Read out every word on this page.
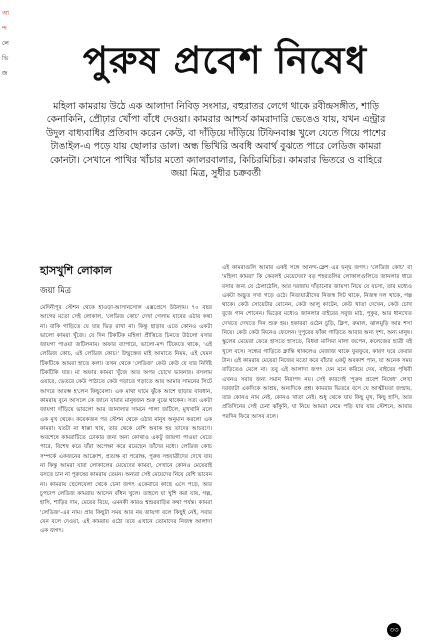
আ
ন্দ
লে
ভি
জ	পুরুষ প্রবেশ নিষেধ
মহিলা কামরায় উঠে এক আলাদা নিবিড় সংসার, বহুরাতর লেগে থাকে রবীন্দ্রসঙ্গীত, শাড়ি কেনাকিনি, প্রৌঢ়ার খোঁপা বাঁধে দেওয়া। কামরার আশ্চর্য কামরাদারি ভেঙেও যায়, যখন এন্ট্রার উদুল বাধ্যবাধির প্রতিবাদ করেন কেউ, বা দাঁড়িয়ে দাঁড়িয়ে টিফিনবাক্স খুলে যেতে গিয়ে পাশের টাঙাইল-এ পড়ে যায় ছোলার ডাল। অন্ধ ভিখিরি অবধি অবার্থ বুঝতে পারে লেডিজ কামরা কোনটা। সেখানে পাখির খাঁচার মতো ক্যালরবালার, কিচিরমিচির। কামরার ভিতরে ও বাহিরে
জয়া মিত্র, সুধীর চক্রবর্তী
হাসখুশি লোকাল
জয়া মিত্র
মেদিনীপুর স্টেশন থেকে হাওড়া-আসানসোল এক্সপ্রেসে উঠলাম। ৭০ বছর আগের মতো সেই লোকাল, 'লেডিজ কোচ' দেখা গেলাম যাবের ওঠার কথা না। বাকি গাড়িতে যে যার ভিড় রাখা না। কিন্তু ছাড়ার এতে কোনও একটা ভালো কামরা খুঁজে। যে দিন টিকটিক মহিলা প্রীত্তিতে চিনতে উঠলো বসার জায়গা পাওয়া জটিলনাম। অফার ব্যাপারে, ভালো-মন্দ টিকেতে থাকে, 'এই লেডিজ কোচ, এই লেডিজ কোচ।' উন্মুক্তের মাই আমাতে নিয়ম, এই যেমন টিকটিকে আমরা হাতে কলা। তখন থেকে 'লেডিজ' কেউ কেউ যে যার নির্দিষ্ট টিকটিকি যার। মা অফার কামরা খুঁজে আর অপর চোখে ভাবনার। বসলাম ওয়ারে, ভেতরে কেউ পাঠাতে কেউ গড়াতে গড়াতে আর আমার সামনের সিটে আদরে আরম্ভ হ'লেন কিছুবেলা। এক মাথা ঘামে ঝুঁকে আশে ছাড়ার বাবধান, কামরায় বুনে আসলে কে জানে যাবার মানুষজন শুরু বুঝে থাকেন। সত্য একটা জায়গা দাঁড়িয়ে ভাবলো আর জানালার সামনে পালা জটিলে, মুখখানি বলে এক মুখ থেকে। কয়েকজন পর স্টেশন থেকে ওঠার মানুষ অনুমান করলো এক কামরা। যতটা না ধাক্কা খায়, তার থেকে বেশি অবাক হয় তাদের আচরণে। অবশেষে কামরাটিতে ঢোকার জন্য অন্য কোথাও একটু জায়গা পাওয়া যেতে পারে, বিশেষ করে যাঁরা অপেক্ষা করে রয়েছেন তাঁদের মধ্যে। লেডিজ কোচ সম্পর্কে একজনের আক্রোশ, প্রত্যক্ষ বা পরোক্ষ, পুরুষ সহযাত্রীদের দেখে যায় না কিন্তু আমরা যারা লোকালের মেয়েদের কামরা, সেখানে কোনও মেয়েরাই বসতে চান না পুরুষের কামরায় তেমন। অন্যরা সেই মেয়েদের নিয়ে বেশি ভাবেন না। কামরায় ছেলেবেলা থেকে চেনা জগৎ একেবারে কাছে এসে পড়ে, আর চুপচাপ লেডিজ কামরায় আসেন বাঁধন খুলে। তাহলে যা খুশি করা যায়, গল্প, হাসি, শাড়ির দাম, মেয়ের বিয়ে, এমনকী কারও শ্বশুরবাড়ির কথা পর্যন্ত। কামরা 'লেডিজ'-এর নাম। প্রায় কিছুটা সময় আর নয় জায়গা বলে কিছুই নেই, সবার যেন বলে দেওয়া, এই কামরায় ওঠো তবে এখানে তোমাদের নিজস্ব আলাদা এক জগৎ।
এই কামরাগুলি আমার একই সঙ্গে আনন্দ-ক্লেশ এর দ্বন্দ্ব জগৎ। 'লেডিজ কোচ' বা 'মহিলা কামরা' কি কেবলই মেয়েদের? বড় শহরতলির লোকালগুলিতে জানলার ধারে বসার জন্য যে ঠেলাঠেলি, আর দরজায় দাঁড়ানোর জায়গা নিয়ে যে বচসা, তার মধ্যেও একটা অদ্ভুত সখ্য গড়ে ওঠে। নিত্যযাত্রীদের নিজস্ব সিট থাকে, নিজস্ব দল থাকে, গল্প থাকে। কেউ সোয়েটার বোনেন, কেউ আলু কাটেন, কেউ খাতা দেখেন, কেউ চোখ বুজে গান শোনেন। ভিড়ের মধ্যেও জানলার বাইরের সবুজ মাঠ, পুকুর, আর ধানখেত দেখতে দেখতে দিন শুরু হয়। হকাররা ওঠেন চুড়ি, ক্লিপ, রুমাল, ঝালমুড়ি আর শসা নিয়ে। কেউ কেউ কিনেও ফেলেন। দুপুরের ফাঁকা গাড়িতে আবার অন্য দৃশ্য, অন্য মানুষ। স্কুলের মেয়েরা ফেরে হাসতে হাসতে, বিধবা মাসিমা মালা জপেন, কলেজের ছাত্রী বই খুলে বসে। সন্ধের গাড়িতে ক্লান্তি থাকলেও মেজাজ থাকে ফুরফুরে, কারণ ঘরে ফেরার টান। এই কামরায় মেয়েরা নিজের মতো করে বাঁচার একটু অবকাশ পান, যা অনেক সময় বাড়িতেও মেলে না। তবু এই আলাদা জগৎ যেন মনে করিয়ে দেয়, বাইরের পৃথিবী এখনও সবার জন্য সমান নিরাপদ নয়। সেই কারণেই 'পুরুষ প্রবেশ নিষেধ' লেখা দরজাটা একদিকে আশ্রয়, অন্যদিকে প্রশ্ন। কামরার ভিতরে বসে যে আত্মীয়তা জন্মায়, তার কোনও নাম নেই, কোনও খাতা নেই। শুধু থেকে যায় কিছু মুখ, কিছু হাসি, আর প্রতিদিনের সেই চেনা ঝাঁকুনি, যা নিয়ে আমরা নেমে পড়ি যার যার স্টেশনে, আবার পরদিন ফিরে আসব বলে।
৩৩
